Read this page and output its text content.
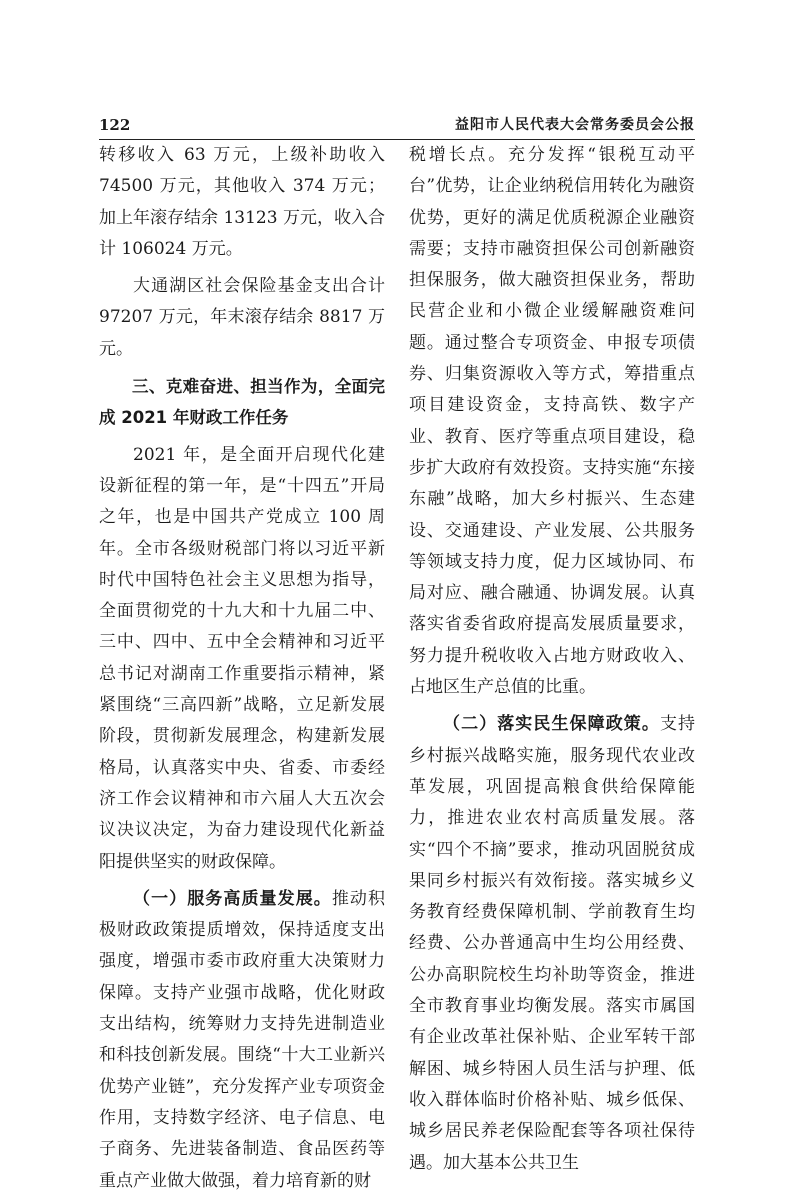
122	益阳市人民代表大会常务委员会公报

转移收入 63 万元，上级补助收入 74500 万元，其他收入 374 万元；加上年滚存结余 13123 万元，收入合计 106024 万元。

大通湖区社会保险基金支出合计 97207 万元，年末滚存结余 8817 万元。

三、克难奋进、担当作为，全面完成 2021 年财政工作任务

2021 年，是全面开启现代化建设新征程的第一年，是“十四五”开局之年，也是中国共产党成立 100 周年。全市各级财税部门将以习近平新时代中国特色社会主义思想为指导，全面贯彻党的十九大和十九届二中、三中、四中、五中全会精神和习近平总书记对湖南工作重要指示精神，紧紧围绕“三高四新”战略，立足新发展阶段，贯彻新发展理念，构建新发展格局，认真落实中央、省委、市委经济工作会议精神和市六届人大五次会议决议决定，为奋力建设现代化新益阳提供坚实的财政保障。

（一）服务高质量发展。推动积极财政政策提质增效，保持适度支出强度，增强市委市政府重大决策财力保障。支持产业强市战略，优化财政支出结构，统筹财力支持先进制造业和科技创新发展。围绕“十大工业新兴优势产业链”，充分发挥产业专项资金作用，支持数字经济、电子信息、电子商务、先进装备制造、食品医药等重点产业做大做强，着力培育新的财

税增长点。充分发挥“银税互动平台”优势，让企业纳税信用转化为融资优势，更好的满足优质税源企业融资需要；支持市融资担保公司创新融资担保服务，做大融资担保业务，帮助民营企业和小微企业缓解融资难问题。通过整合专项资金、申报专项债券、归集资源收入等方式，筹措重点项目建设资金，支持高铁、数字产业、教育、医疗等重点项目建设，稳步扩大政府有效投资。支持实施“东接东融”战略，加大乡村振兴、生态建设、交通建设、产业发展、公共服务等领域支持力度，促力区域协同、布局对应、融合融通、协调发展。认真落实省委省政府提高发展质量要求，努力提升税收收入占地方财政收入、占地区生产总值的比重。

（二）落实民生保障政策。支持乡村振兴战略实施，服务现代农业改革发展，巩固提高粮食供给保障能力，推进农业农村高质量发展。落实“四个不摘”要求，推动巩固脱贫成果同乡村振兴有效衔接。落实城乡义务教育经费保障机制、学前教育生均经费、公办普通高中生均公用经费、公办高职院校生均补助等资金，推进全市教育事业均衡发展。落实市属国有企业改革社保补贴、企业军转干部解困、城乡特困人员生活与护理、低收入群体临时价格补贴、城乡低保、城乡居民养老保险配套等各项社保待遇。加大基本公共卫生
